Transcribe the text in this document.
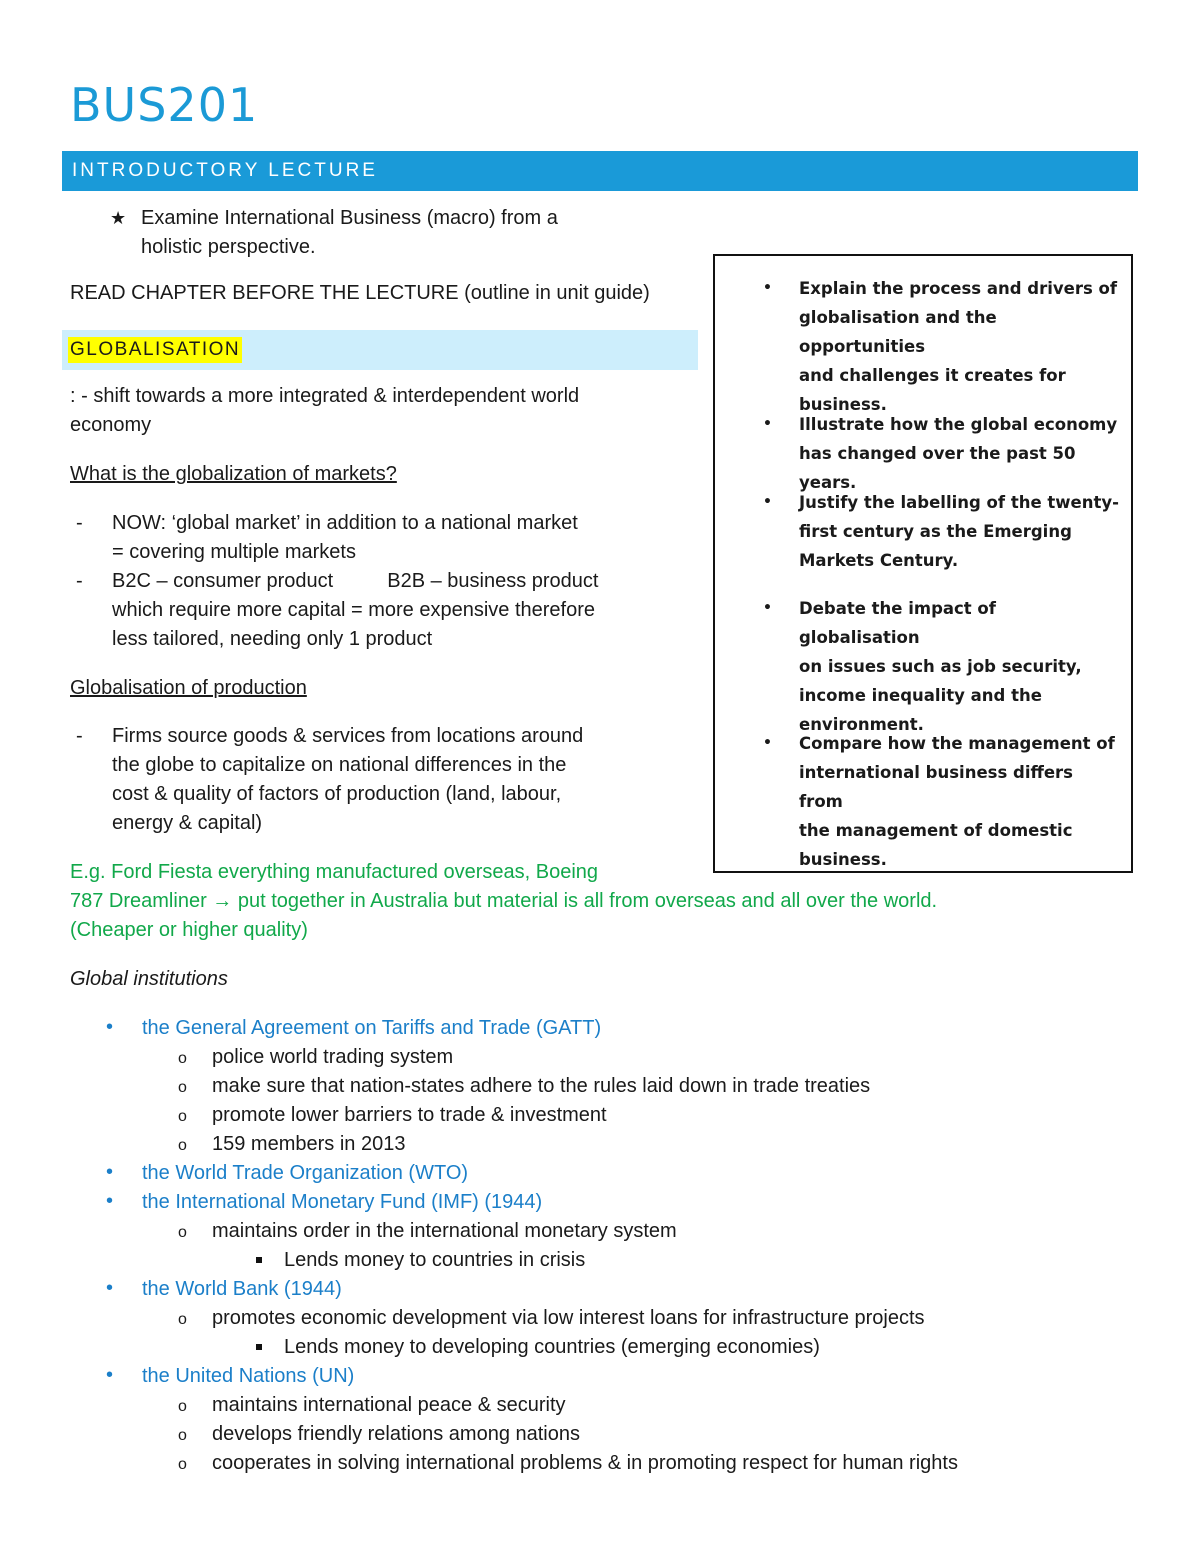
BUS201
INTRODUCTORY LECTURE
★ Examine International Business (macro) from a
holistic perspective.
READ CHAPTER BEFORE THE LECTURE (outline in unit guide)
GLOBALISATION
: - shift towards a more integrated & interdependent world
economy
What is the globalization of markets?
- NOW: ‘global market’ in addition to a national market
= covering multiple markets
- B2C – consumer product	B2B – business product
which require more capital = more expensive therefore
less tailored, needing only 1 product
Globalisation of production
- Firms source goods & services from locations around
the globe to capitalize on national differences in the
cost & quality of factors of production (land, labour,
energy & capital)
E.g. Ford Fiesta everything manufactured overseas, Boeing
787 Dreamliner → put together in Australia but material is all from overseas and all over the world.
(Cheaper or higher quality)
• Explain the process and drivers of
globalisation and the opportunities
and challenges it creates for
business.
• Illustrate how the global economy
has changed over the past 50 years.
• Justify the labelling of the twenty-
first century as the Emerging
Markets Century.
• Debate the impact of globalisation
on issues such as job security,
income inequality and the
environment.
• Compare how the management of
international business differs from
the management of domestic
business.
Global institutions
• the General Agreement on Tariffs and Trade (GATT)
o police world trading system
o make sure that nation-states adhere to the rules laid down in trade treaties
o promote lower barriers to trade & investment
o 159 members in 2013
• the World Trade Organization (WTO)
• the International Monetary Fund (IMF) (1944)
o maintains order in the international monetary system
Lends money to countries in crisis
• the World Bank (1944)
o promotes economic development via low interest loans for infrastructure projects
Lends money to developing countries (emerging economies)
• the United Nations (UN)
o maintains international peace & security
o develops friendly relations among nations
o cooperates in solving international problems & in promoting respect for human rights
